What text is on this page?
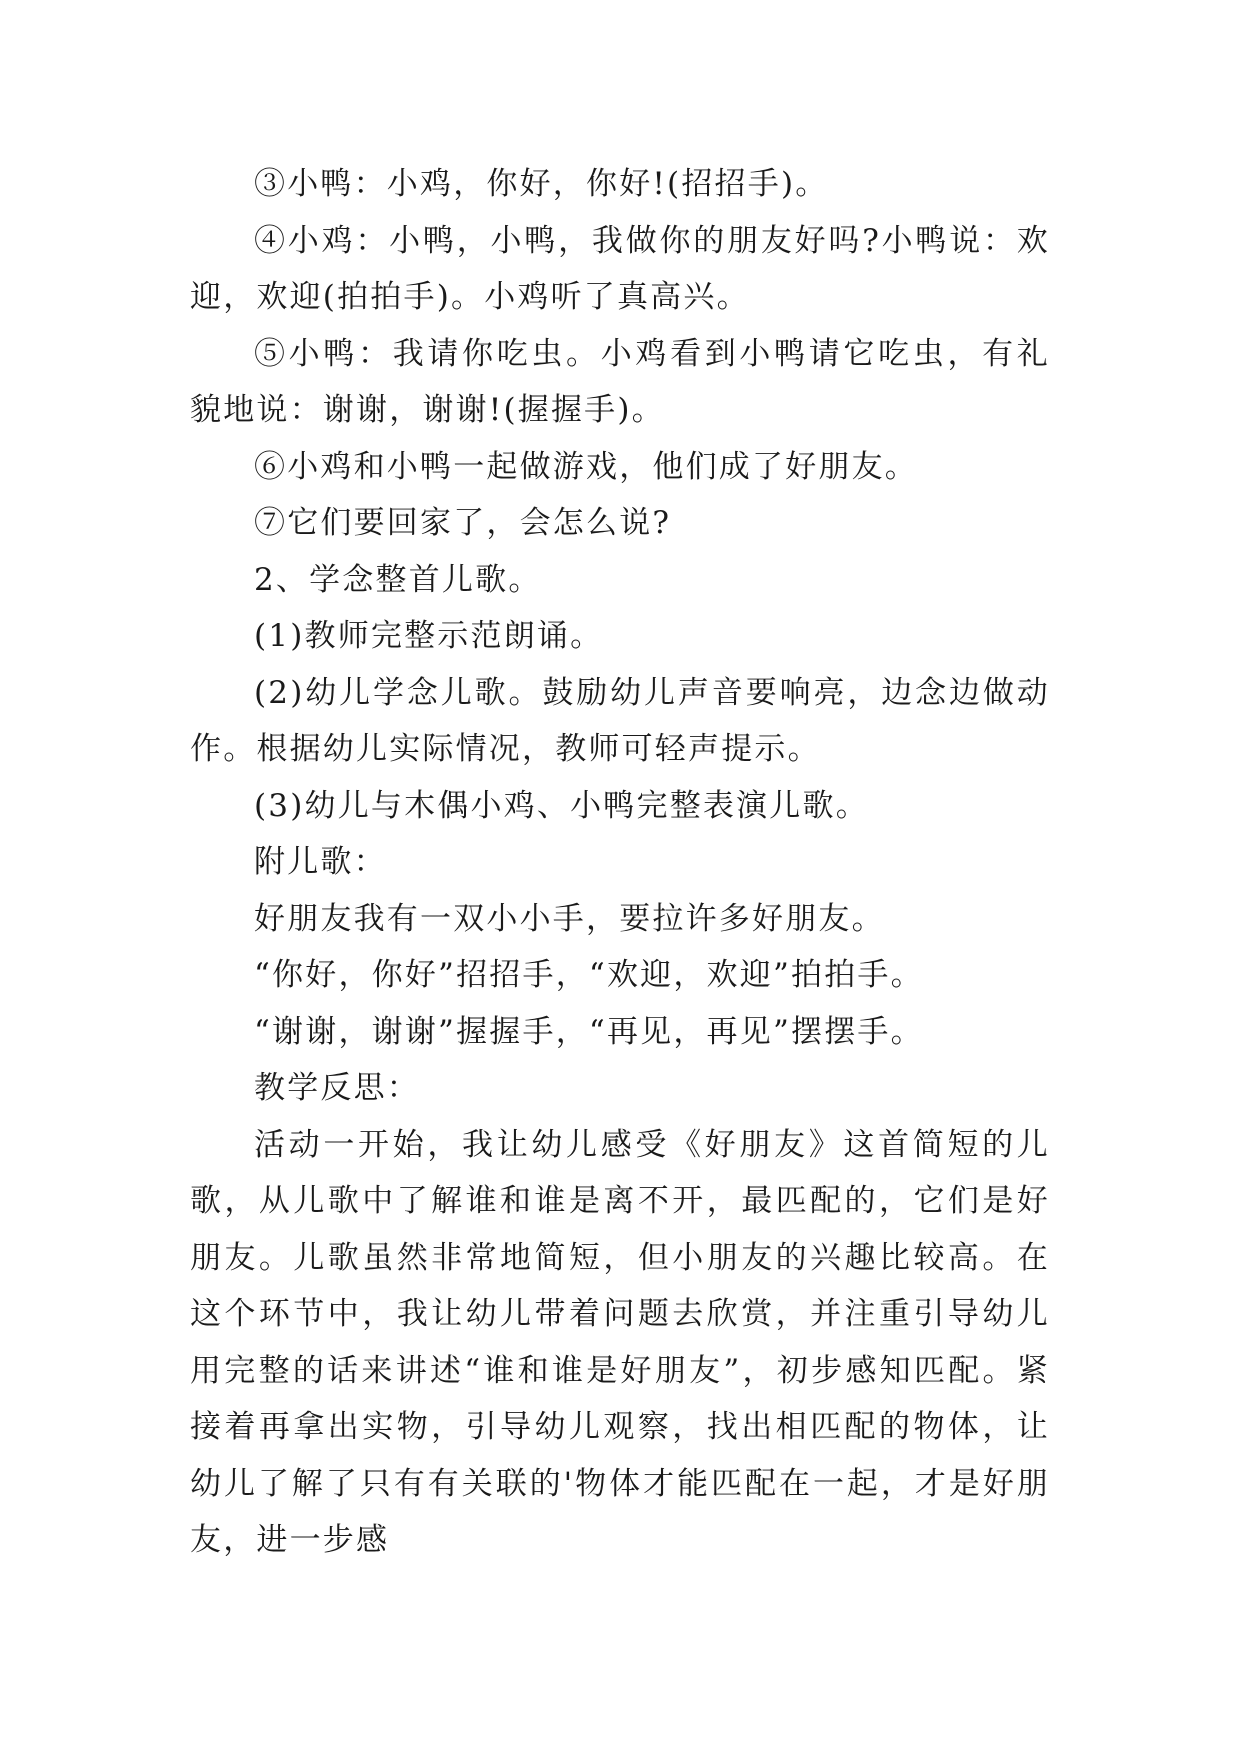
③小鸭：小鸡，你好，你好!(招招手)。

④小鸡：小鸭，小鸭，我做你的朋友好吗?小鸭说：欢迎，欢迎(拍拍手)。小鸡听了真高兴。

⑤小鸭：我请你吃虫。小鸡看到小鸭请它吃虫，有礼貌地说：谢谢，谢谢!(握握手)。

⑥小鸡和小鸭一起做游戏，他们成了好朋友。

⑦它们要回家了，会怎么说?

2、学念整首儿歌。

(1)教师完整示范朗诵。

(2)幼儿学念儿歌。鼓励幼儿声音要响亮，边念边做动作。根据幼儿实际情况，教师可轻声提示。

(3)幼儿与木偶小鸡、小鸭完整表演儿歌。

附儿歌：

好朋友我有一双小小手，要拉许多好朋友。

“你好，你好”招招手，“欢迎，欢迎”拍拍手。

“谢谢，谢谢”握握手，“再见，再见”摆摆手。

教学反思：

活动一开始，我让幼儿感受《好朋友》这首简短的儿歌，从儿歌中了解谁和谁是离不开，最匹配的，它们是好朋友。儿歌虽然非常地简短，但小朋友的兴趣比较高。在这个环节中，我让幼儿带着问题去欣赏，并注重引导幼儿用完整的话来讲述“谁和谁是好朋友”，初步感知匹配。紧接着再拿出实物，引导幼儿观察，找出相匹配的物体，让幼儿了解了只有有关联的'物体才能匹配在一起，才是好朋友，进一步感
